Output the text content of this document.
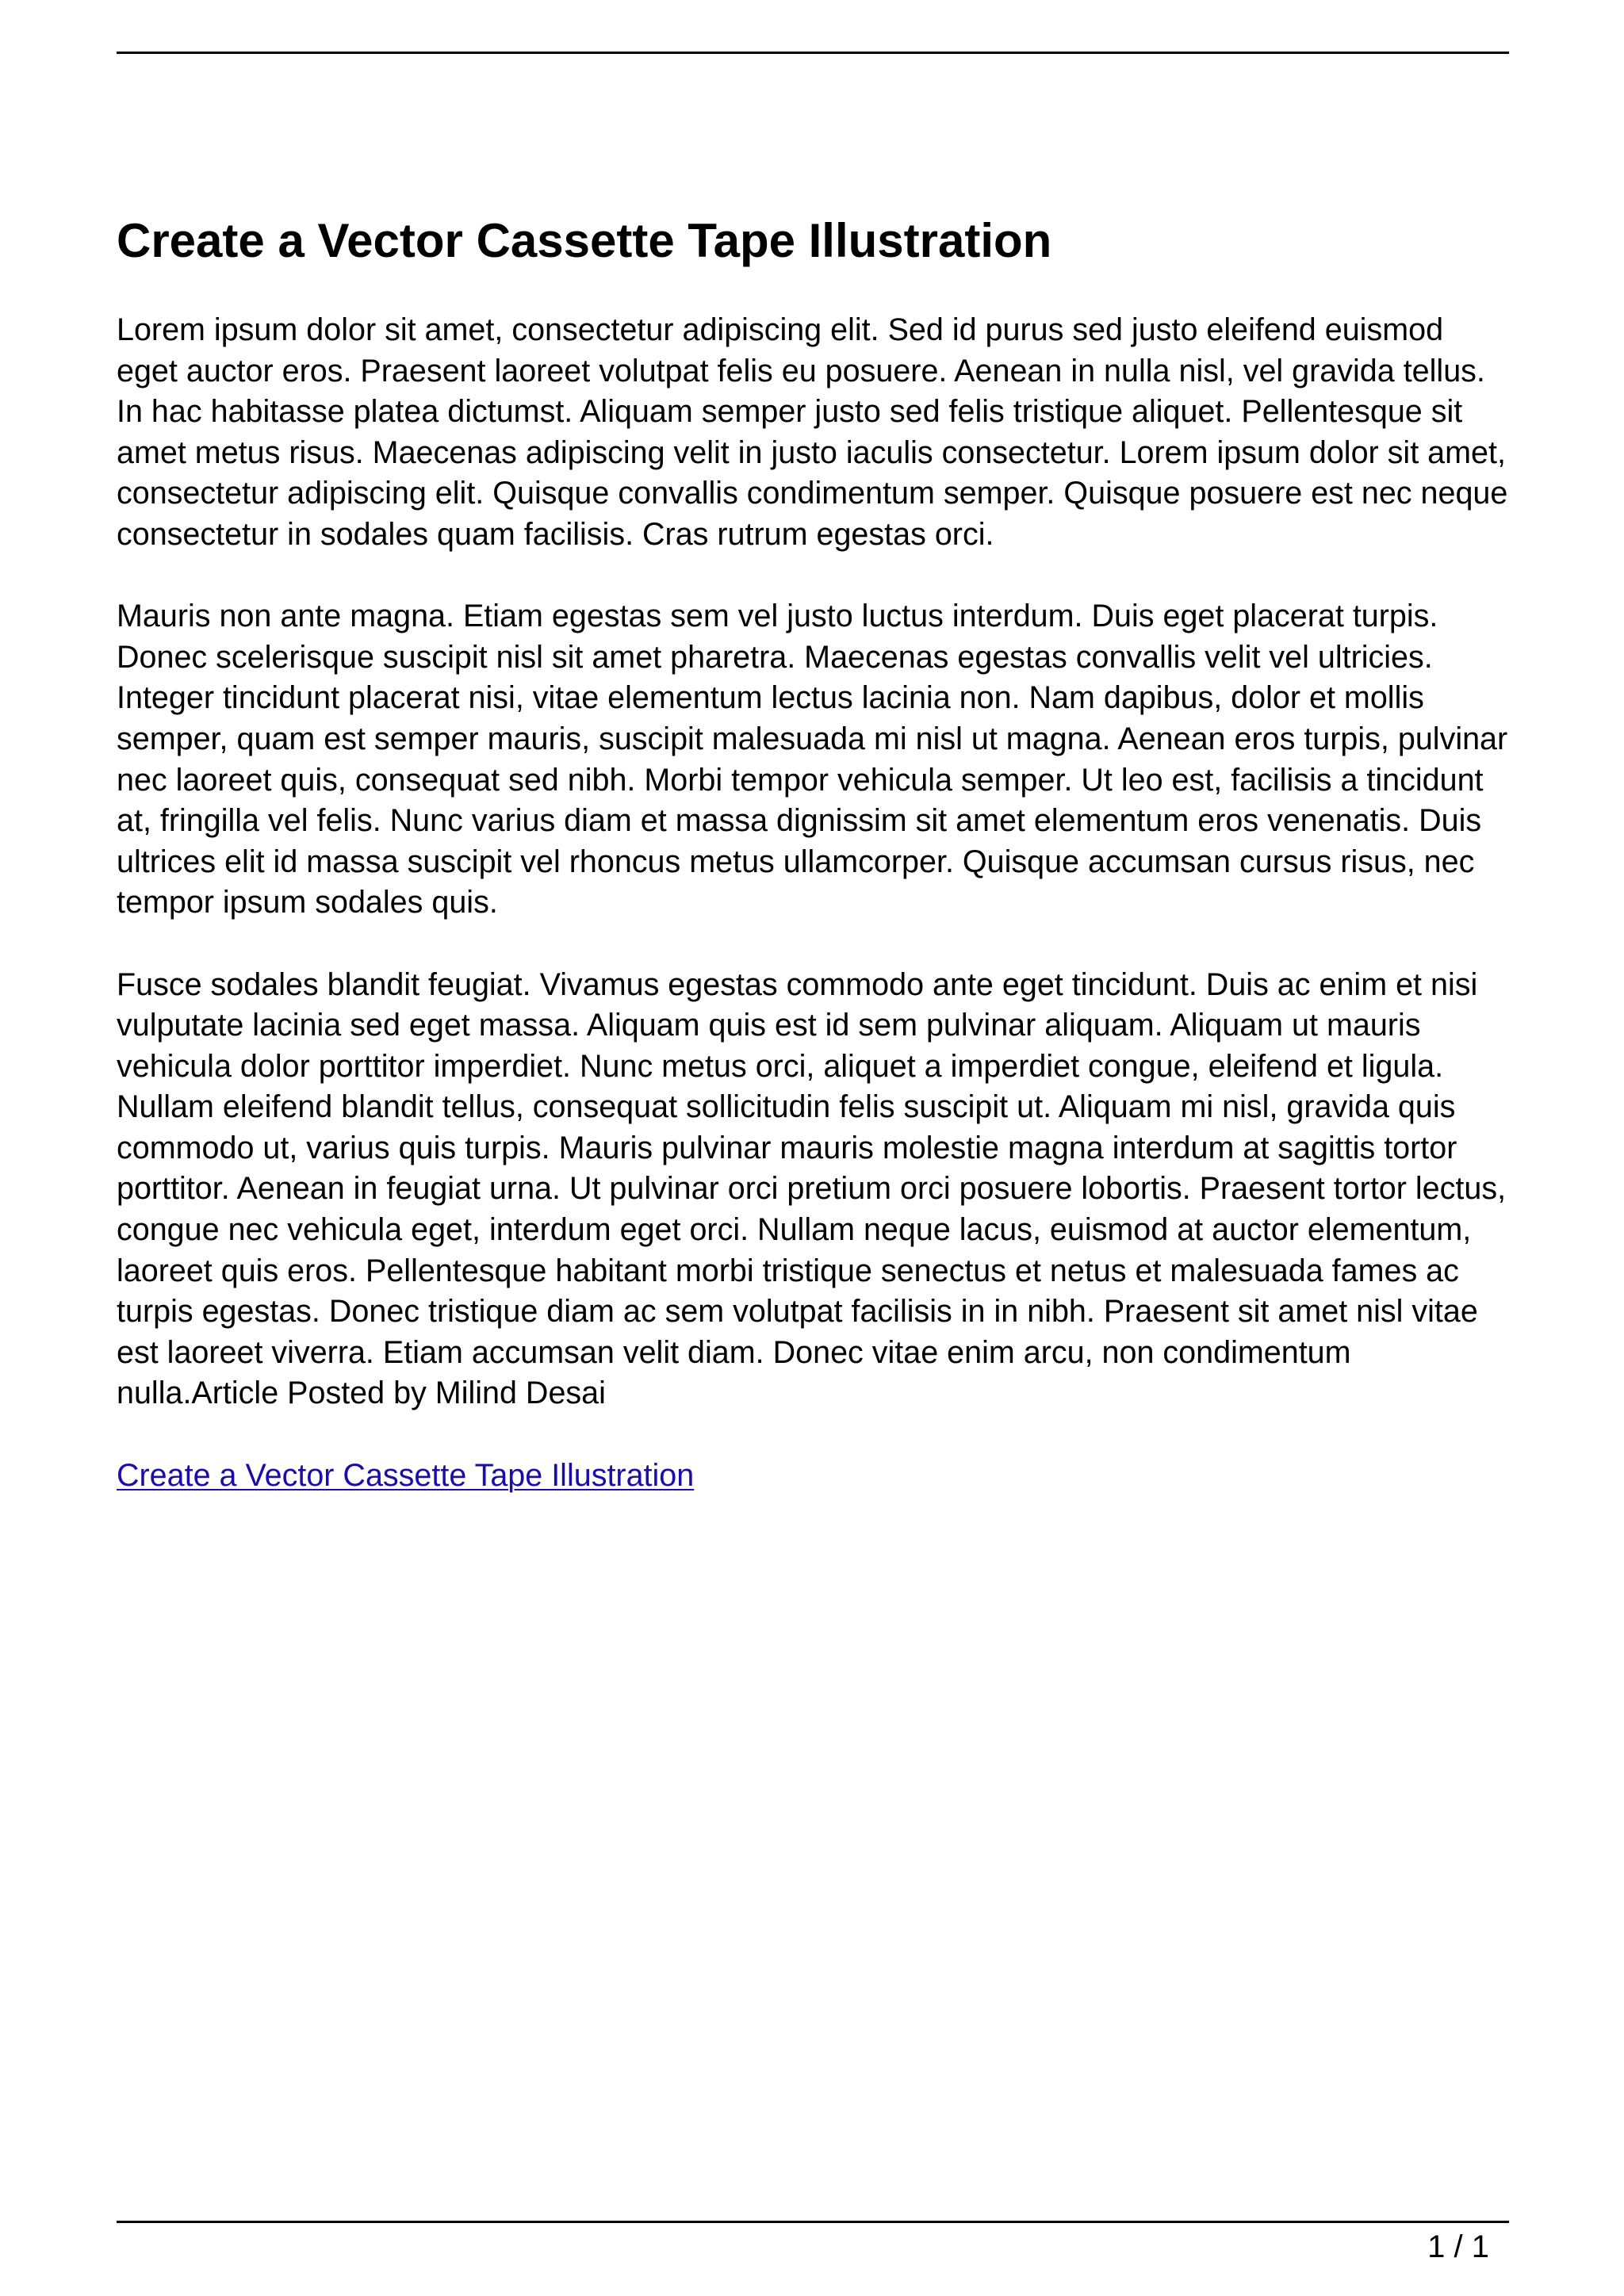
Create a Vector Cassette Tape Illustration

Lorem ipsum dolor sit amet, consectetur adipiscing elit. Sed id purus sed justo eleifend euismod eget auctor eros. Praesent laoreet volutpat felis eu posuere. Aenean in nulla nisl, vel gravida tellus. In hac habitasse platea dictumst. Aliquam semper justo sed felis tristique aliquet. Pellentesque sit amet metus risus. Maecenas adipiscing velit in justo iaculis consectetur. Lorem ipsum dolor sit amet, consectetur adipiscing elit. Quisque convallis condimentum semper. Quisque posuere est nec neque consectetur in sodales quam facilisis. Cras rutrum egestas orci.

Mauris non ante magna. Etiam egestas sem vel justo luctus interdum. Duis eget placerat turpis. Donec scelerisque suscipit nisl sit amet pharetra. Maecenas egestas convallis velit vel ultricies. Integer tincidunt placerat nisi, vitae elementum lectus lacinia non. Nam dapibus, dolor et mollis semper, quam est semper mauris, suscipit malesuada mi nisl ut magna. Aenean eros turpis, pulvinar nec laoreet quis, consequat sed nibh. Morbi tempor vehicula semper. Ut leo est, facilisis a tincidunt at, fringilla vel felis. Nunc varius diam et massa dignissim sit amet elementum eros venenatis. Duis ultrices elit id massa suscipit vel rhoncus metus ullamcorper. Quisque accumsan cursus risus, nec tempor ipsum sodales quis.

Fusce sodales blandit feugiat. Vivamus egestas commodo ante eget tincidunt. Duis ac enim et nisi vulputate lacinia sed eget massa. Aliquam quis est id sem pulvinar aliquam. Aliquam ut mauris vehicula dolor porttitor imperdiet. Nunc metus orci, aliquet a imperdiet congue, eleifend et ligula. Nullam eleifend blandit tellus, consequat sollicitudin felis suscipit ut. Aliquam mi nisl, gravida quis commodo ut, varius quis turpis. Mauris pulvinar mauris molestie magna interdum at sagittis tortor porttitor. Aenean in feugiat urna. Ut pulvinar orci pretium orci posuere lobortis. Praesent tortor lectus, congue nec vehicula eget, interdum eget orci. Nullam neque lacus, euismod at auctor elementum, laoreet quis eros. Pellentesque habitant morbi tristique senectus et netus et malesuada fames ac turpis egestas. Donec tristique diam ac sem volutpat facilisis in in nibh. Praesent sit amet nisl vitae est laoreet viverra. Etiam accumsan velit diam. Donec vitae enim arcu, non condimentum nulla.Article Posted by Milind Desai

Create a Vector Cassette Tape Illustration

1 / 1
